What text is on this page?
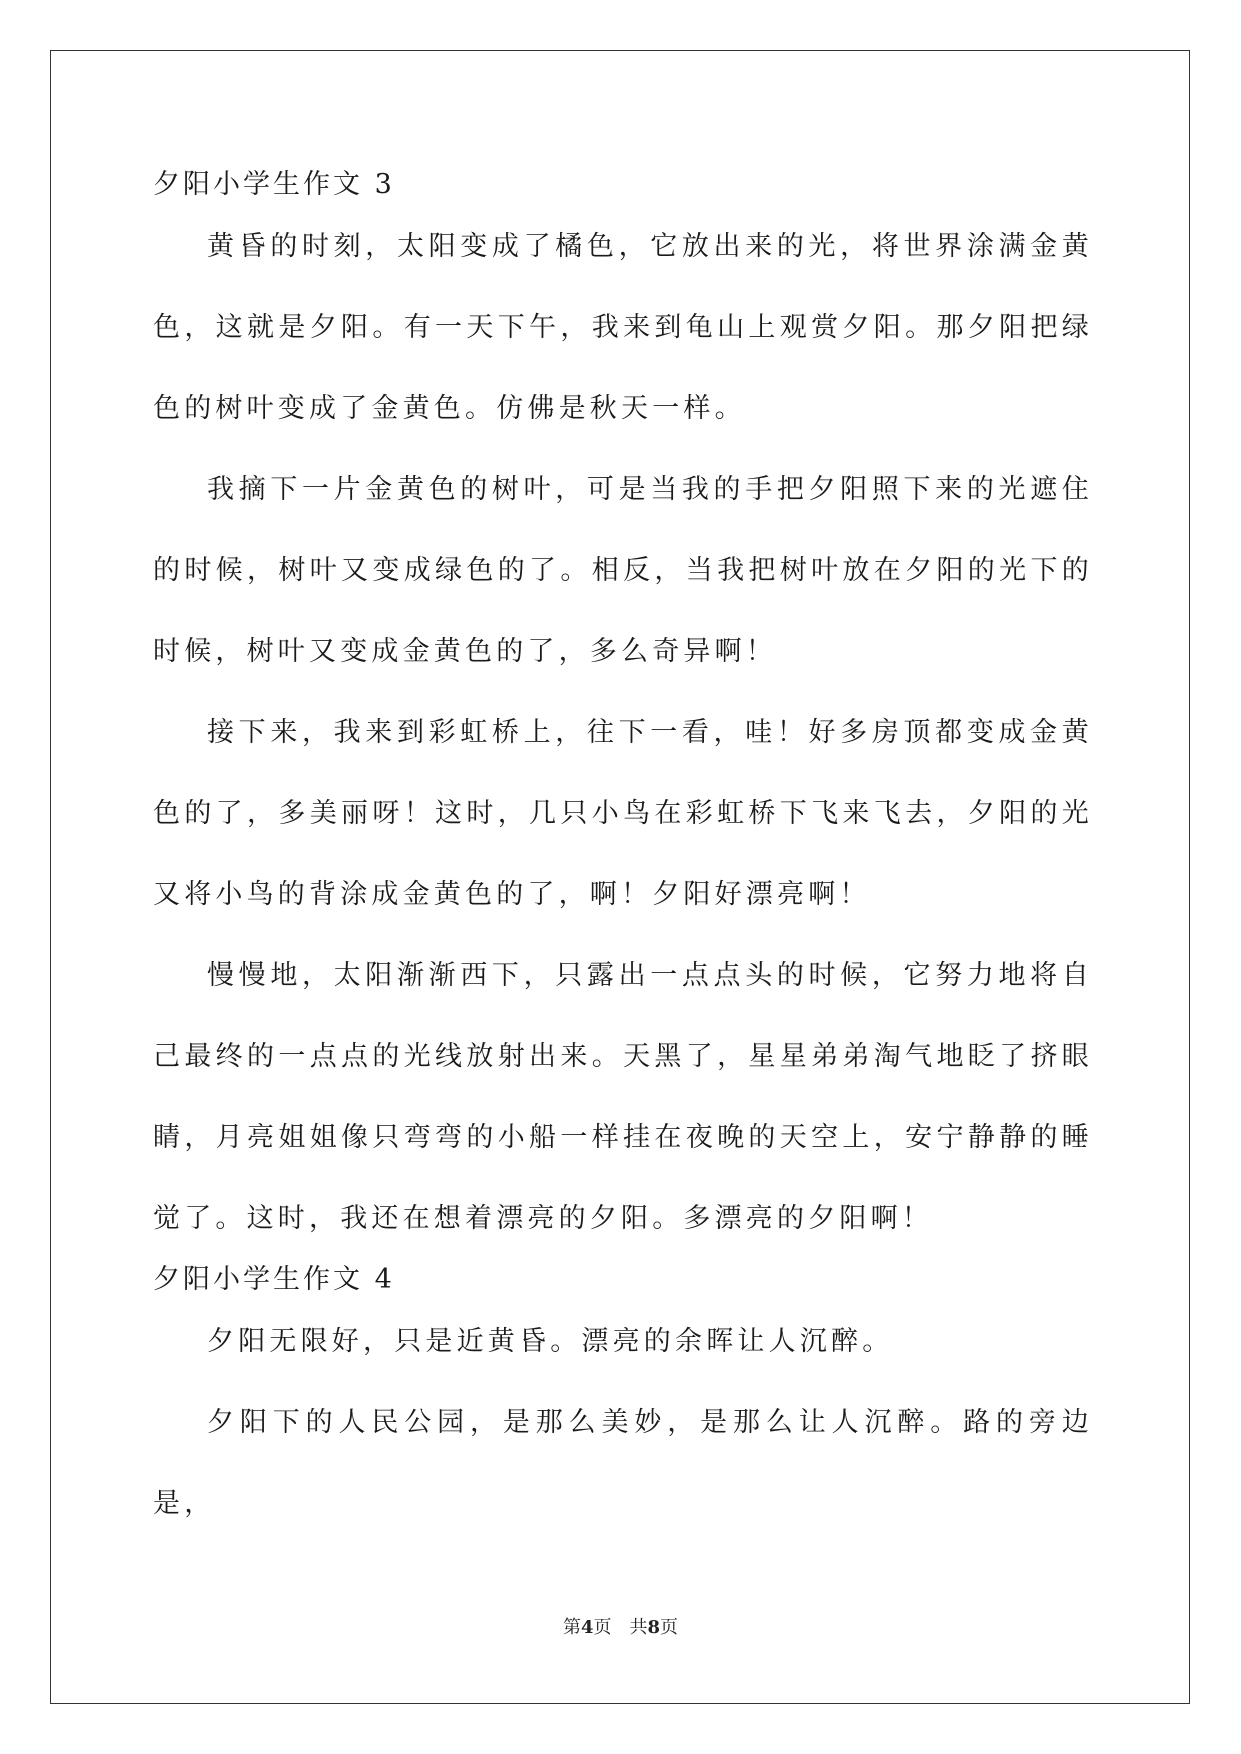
夕阳小学生作文 3

黄昏的时刻，太阳变成了橘色，它放出来的光，将世界涂满金黄色，这就是夕阳。有一天下午，我来到龟山上观赏夕阳。那夕阳把绿色的树叶变成了金黄色。仿佛是秋天一样。

我摘下一片金黄色的树叶，可是当我的手把夕阳照下来的光遮住的时候，树叶又变成绿色的了。相反，当我把树叶放在夕阳的光下的时候，树叶又变成金黄色的了，多么奇异啊！

接下来，我来到彩虹桥上，往下一看，哇！好多房顶都变成金黄色的了，多美丽呀！这时，几只小鸟在彩虹桥下飞来飞去，夕阳的光又将小鸟的背涂成金黄色的了，啊！夕阳好漂亮啊！

慢慢地，太阳渐渐西下，只露出一点点头的时候，它努力地将自己最终的一点点的光线放射出来。天黑了，星星弟弟淘气地眨了挤眼睛，月亮姐姐像只弯弯的小船一样挂在夜晚的天空上，安宁静静的睡觉了。这时，我还在想着漂亮的夕阳。多漂亮的夕阳啊！

夕阳小学生作文 4

夕阳无限好，只是近黄昏。漂亮的余晖让人沉醉。

夕阳下的人民公园，是那么美妙，是那么让人沉醉。路的旁边是，

第4页 共8页
